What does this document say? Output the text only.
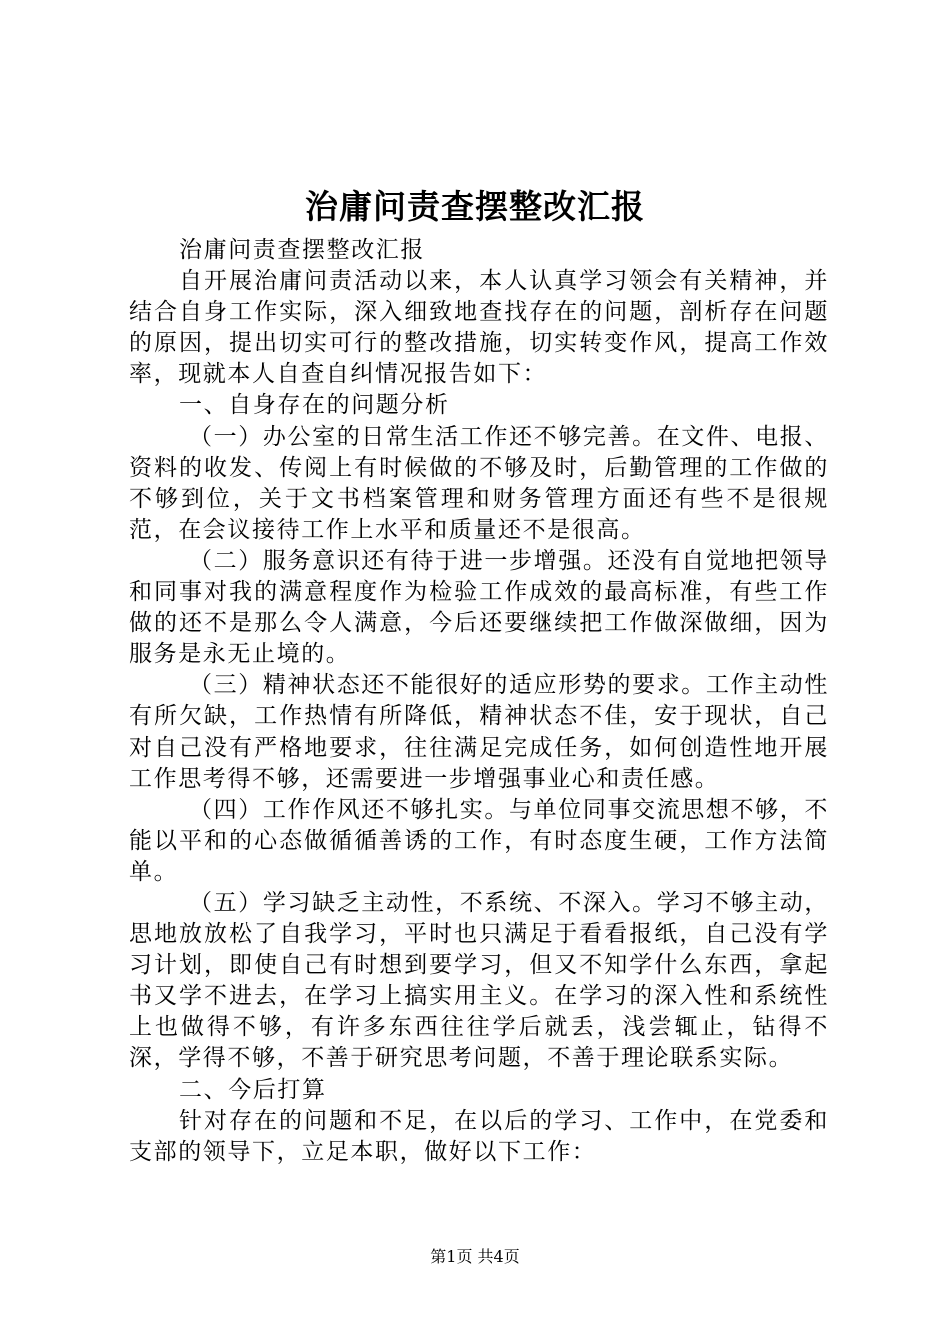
治庸问责查摆整改汇报

治庸问责查摆整改汇报

自开展治庸问责活动以来，本人认真学习领会有关精神，并结合自身工作实际，深入细致地查找存在的问题，剖析存在问题的原因，提出切实可行的整改措施，切实转变作风，提高工作效率，现就本人自查自纠情况报告如下：

一、自身存在的问题分析

（一）办公室的日常生活工作还不够完善。在文件、电报、资料的收发、传阅上有时候做的不够及时，后勤管理的工作做的不够到位，关于文书档案管理和财务管理方面还有些不是很规范，在会议接待工作上水平和质量还不是很高。

（二）服务意识还有待于进一步增强。还没有自觉地把领导和同事对我的满意程度作为检验工作成效的最高标准，有些工作做的还不是那么令人满意，今后还要继续把工作做深做细，因为服务是永无止境的。

（三）精神状态还不能很好的适应形势的要求。工作主动性有所欠缺，工作热情有所降低，精神状态不佳，安于现状，自己对自己没有严格地要求，往往满足完成任务，如何创造性地开展工作思考得不够，还需要进一步增强事业心和责任感。

（四）工作作风还不够扎实。与单位同事交流思想不够，不能以平和的心态做循循善诱的工作，有时态度生硬，工作方法简单。

（五）学习缺乏主动性，不系统、不深入。学习不够主动，思地放放松了自我学习，平时也只满足于看看报纸，自己没有学习计划，即使自己有时想到要学习，但又不知学什么东西，拿起书又学不进去，在学习上搞实用主义。在学习的深入性和系统性上也做得不够，有许多东西往往学后就丢，浅尝辄止，钻得不深，学得不够，不善于研究思考问题，不善于理论联系实际。

二、今后打算

针对存在的问题和不足，在以后的学习、工作中，在党委和支部的领导下，立足本职，做好以下工作：

第1页 共4页
